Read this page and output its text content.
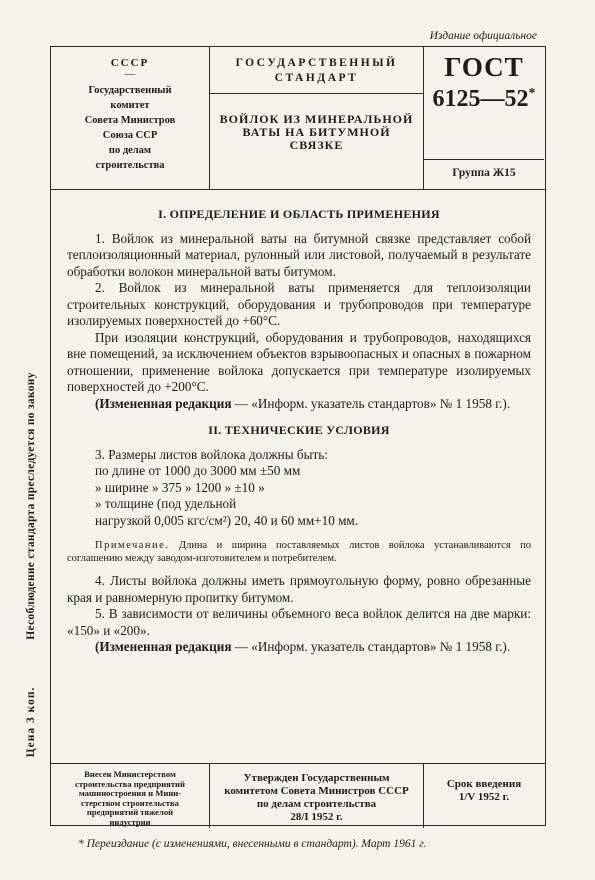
Издание официальное
Несоблюдение стандарта преследуется по закону
Цена 3 коп.
СССР
—
Государственный
комитет
Совета Министров
Союза ССР
по делам
строительства
ГОСУДАРСТВЕННЫЙ
СТАНДАРТ
ВОЙЛОК ИЗ МИНЕРАЛЬНОЙ
ВАТЫ НА БИТУМНОЙ
СВЯЗКЕ
ГОСТ
6125—52*
Группа Ж15
I. ОПРЕДЕЛЕНИЕ И ОБЛАСТЬ ПРИМЕНЕНИЯ

1. Войлок из минеральной ваты на битумной связке представляет собой теплоизоляционный материал, рулонный или листовой, получаемый в результате обработки волокон минеральной ваты битумом.

2. Войлок из минеральной ваты применяется для теплоизоляции строительных конструкций, оборудования и трубопроводов при температуре изолируемых поверхностей до +60°С.

При изоляции конструкций, оборудования и трубопроводов, находящихся вне помещений, за исключением объектов взрывоопасных и опасных в пожарном отношении, применение войлока допускается при температуре изолируемых поверхностей до +200°С.

(Измененная редакция — «Информ. указатель стандартов» № 1 1958 г.).

II. ТЕХНИЧЕСКИЕ УСЛОВИЯ

3. Размеры листов войлока должны быть:

по длине от 1000 до 3000 мм ±50 мм
» ширине » 375 » 1200 » ±10 »
» толщине (под удельной
нагрузкой 0,005 кгс/см²) 20, 40 и 60 мм+10 мм.

Примечание. Длина и ширина поставляемых листов войлока устанавливаются по соглашению между заводом-изготовителем и потребителем.

4. Листы войлока должны иметь прямоугольную форму, ровно обрезанные края и равномерную пропитку битумом.

5. В зависимости от величины объемного веса войлок делится на две марки: «150» и «200».

(Измененная редакция — «Информ. указатель стандартов» № 1 1958 г.).

Внесен Министерством
строительства предприятий
машиностроения и Мини-
стерством строительства
предприятий тяжелой
индустрии
Утвержден Государственным
комитетом Совета Министров СССР
по делам строительства
28/I 1952 г.
Срок введения
1/V 1952 г.
* Переиздание (с изменениями, внесенными в стандарт). Март 1961 г.
